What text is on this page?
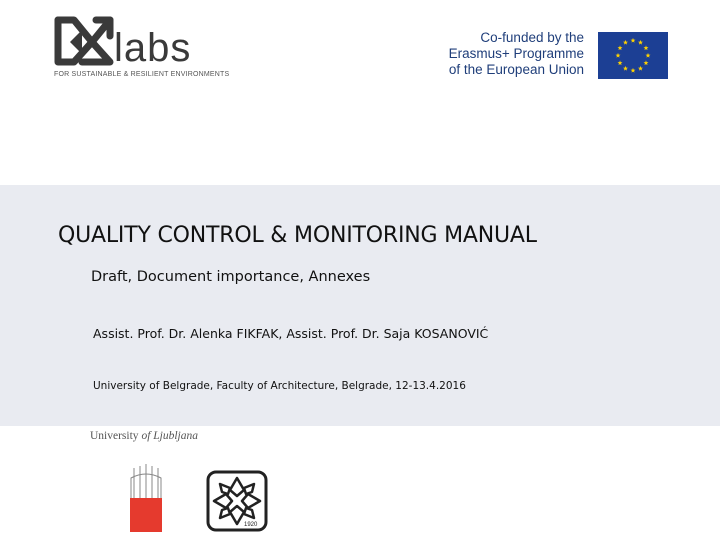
labs
FOR SUSTAINABLE & RESILIENT ENVIRONMENTS
Co-funded by the
Erasmus+ Programme
of the European Union
QUALITY CONTROL & MONITORING MANUAL
Draft, Document importance, Annexes
Assist. Prof. Dr. Alenka FIKFAK, Assist. Prof. Dr. Saja KOSANOVIĆ
University of Belgrade, Faculty of Architecture, Belgrade, 12-13.4.2016
University of Ljubljana
1920
